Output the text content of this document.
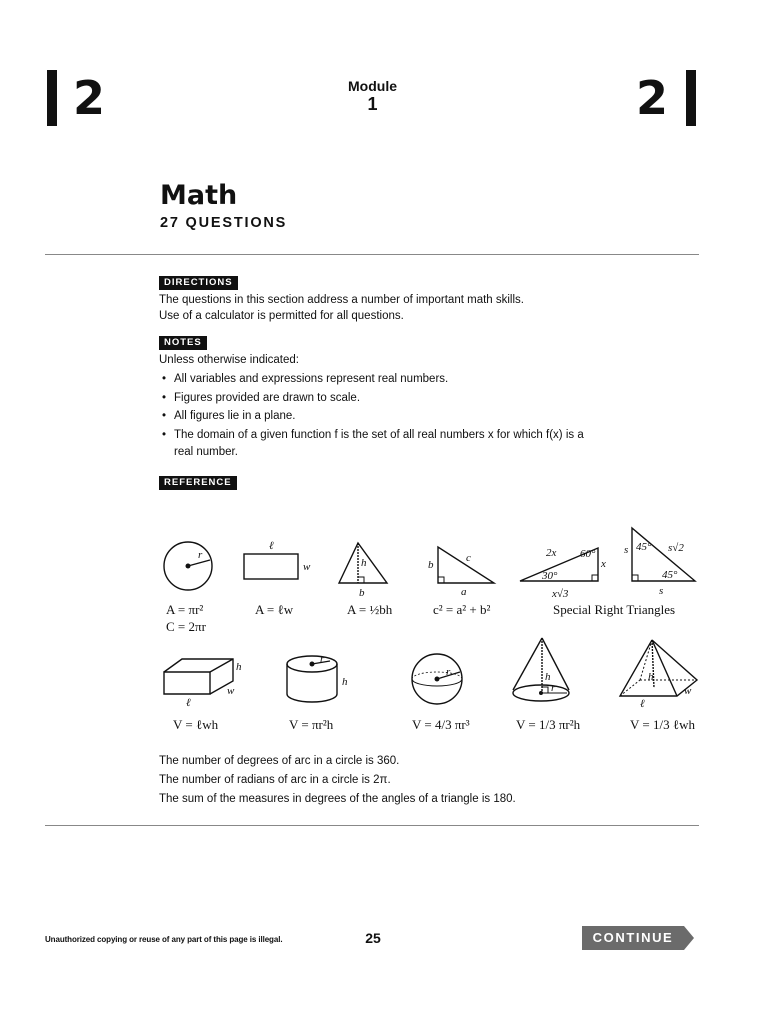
2	Module
1	2
Math
27 QUESTIONS
DIRECTIONS
The questions in this section address a number of important math skills.
Use of a calculator is permitted for all questions.
NOTES
Unless otherwise indicated:
• All variables and expressions represent real numbers.
• Figures provided are drawn to scale.
• All figures lie in a plane.
• The domain of a given function f is the set of all real numbers x for which f(x) is a real number.
REFERENCE
r
ℓ
w	h
b
b
c
a
2x 60°
x
30°
x√3
s 45° s√2
45°
s
h
w
ℓ
r
h
r	h
r
h
w
ℓ
A = πr²
C = 2πr
A = ℓw	A = ½bh	c² = a² + b²	Special Right Triangles
V = ℓwh	V = πr²h	V = 4/3 πr³	V = 1/3 πr²h	V = 1/3 ℓwh
The number of degrees of arc in a circle is 360.
The number of radians of arc in a circle is 2π.
The sum of the measures in degrees of the angles of a triangle is 180.
Unauthorized copying or reuse of any part of this page is illegal.	25	CONTINUE
